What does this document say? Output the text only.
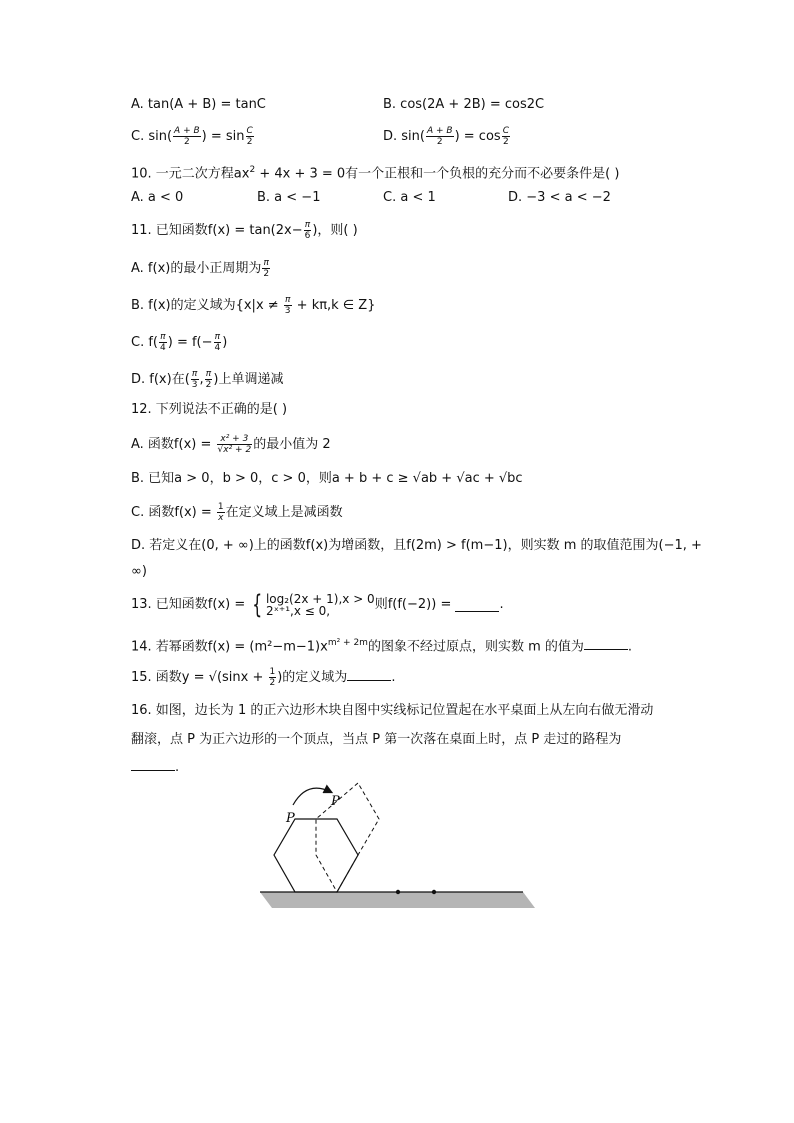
A. tan(A + B) = tanC	B. cos(2A + 2B) = cos2C
C. $\sin( \frac{A + B}{2}$ ) = $\sin \frac{C}{2}$	D. $\sin( \frac{A + B}{2}$ ) = $\cos \frac{C}{2}$
10. 一元二次方程$ax^2 + 4x + 3 = 0$有一个正根和一个负根的充分而不必要条件是( )
A. a < 0	B. a < −1	C. a < 1	D. −3 < a < −2
11. 已知函数$f(x) = \tan(2x- \frac{\pi}{6}$ )，则( )
A. f(x)的最小正周期为 $\frac{\pi}{2}$
B. f(x)的定义域为{$x|x \ne \frac{\pi}{3} + k\pi,k$ ∈ Z}
C. $f( \frac{\pi}{4}$ ) = $f(- \frac{\pi}{4}$ )
D. f(x)在( $\frac{\pi}{3}$ , $\frac{\pi}{2}$ )上单调递减
12. 下列说法不正确的是( )
A. 函数$f(x) = \frac{\text{x² + 3}}{\text{√x² + 2}}$ 的最小值为 2
B. 已知a > 0，b > 0，c > 0，则a + b + c ≥ √ab + √ac + √bc
C. 函数$f(x) = \frac{1}{x}$ 在定义域上是减函数
D. 若定义在(0, + ∞)上的函数f(x)为增函数，且f(2m) > f(m−1)，则实数 m 的取值范围为(−1, +
∞)
13. 已知函数f(x) = { log₂(2x + 1),x > 0
2ˣ⁺¹,x ≤ 0,	则f(f(−2)) =	.
14. 若幂函数$f(x) = (m^2-m-1)x^{m^2 + 2m}$的图象不经过原点，则实数 m 的值为	.
15. 函数$y = √(\sin x + \frac{1}{2}$ )的定义域为	.
16. 如图，边长为 1 的正六边形木块自图中实线标记位置起在水平桌面上从左向右做无滑动
翻滚，点 P 为正六边形的一个顶点，当点 P 第一次落在桌面上时，点 P 走过的路程为
.
P
P
